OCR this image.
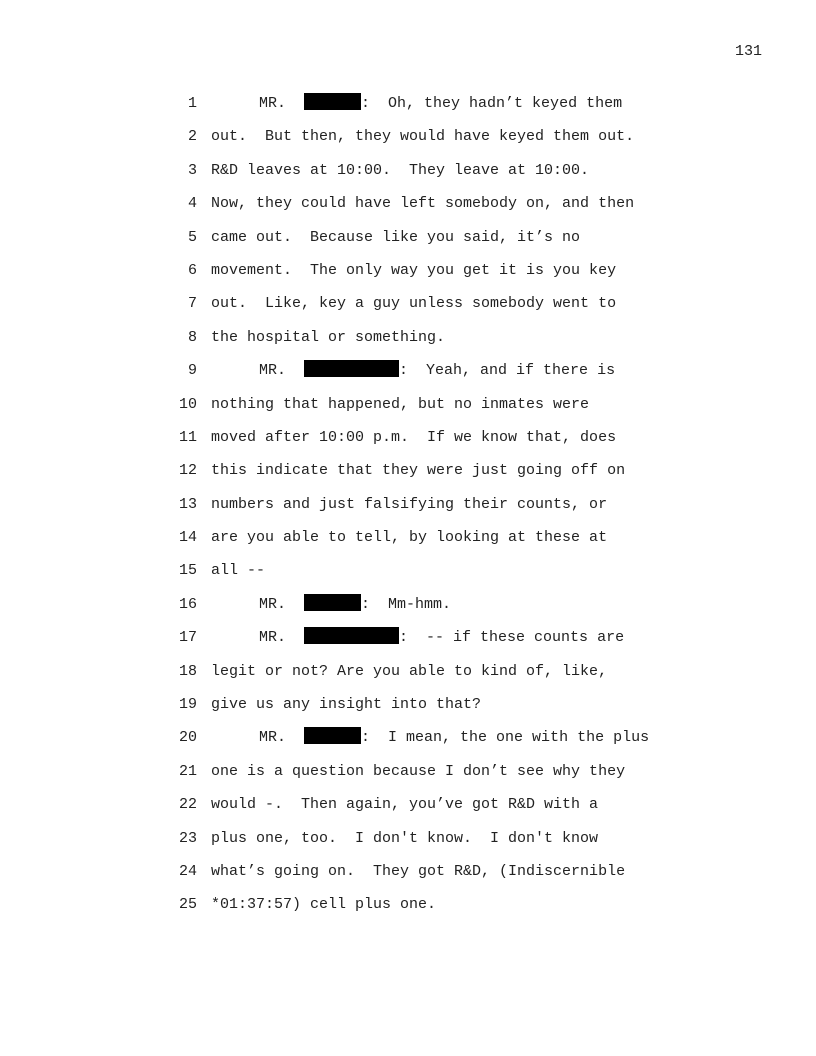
131
1	MR.	:  Oh, they hadn’t keyed them
2 out.  But then, they would have keyed them out.
3 R&D leaves at 10:00.  They leave at 10:00.
4 Now, they could have left somebody on, and then
5 came out.  Because like you said, it’s no
6 movement.  The only way you get it is you key
7 out.  Like, key a guy unless somebody went to
8 the hospital or something.
9	MR.	:  Yeah, and if there is
10 nothing that happened, but no inmates were
11 moved after 10:00 p.m.  If we know that, does
12 this indicate that they were just going off on
13 numbers and just falsifying their counts, or
14 are you able to tell, by looking at these at
15 all --
16	MR.	:  Mm-hmm.
17	MR.	:  -- if these counts are
18 legit or not? Are you able to kind of, like,
19 give us any insight into that?
20	MR.	:  I mean, the one with the plus
21 one is a question because I don’t see why they
22 would -.  Then again, you’ve got R&D with a
23 plus one, too.  I don't know.  I don't know
24 what’s going on.  They got R&D, (Indiscernible
25 *01:37:57) cell plus one.
